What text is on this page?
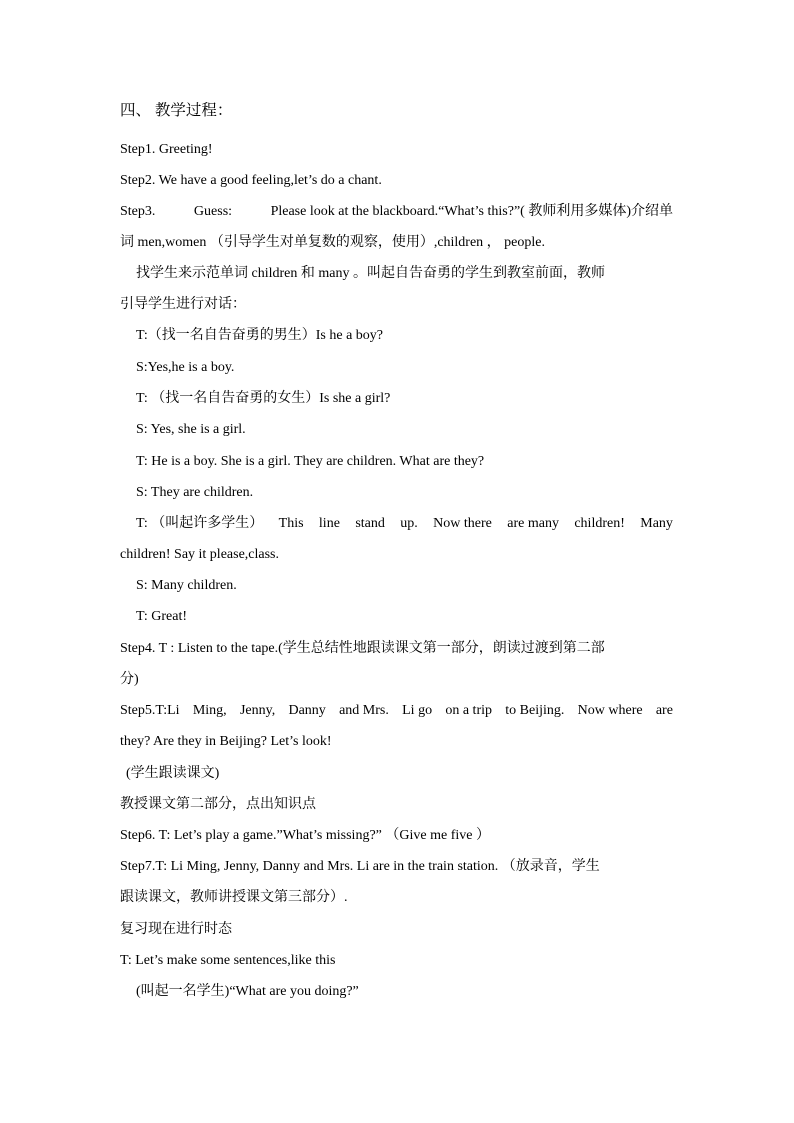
四、 教学过程：
Step1. Greeting!
Step2. We have a good feeling,let’s do a chant.
Step3.	Guess:	Please look at the blackboard.“What’s this?”( 教师利用多媒体)介绍单
词 men,women （引导学生对单复数的观察，使用）,children ， people.
找学生来示范单词 children 和 many 。叫起自告奋勇的学生到教室前面，教师
引导学生进行对话：
T:（找一名自告奋勇的男生）Is he a boy?
S:Yes,he is a boy.
T: （找一名自告奋勇的女生）Is she a girl?
S: Yes, she is a girl.
T: He is a boy. She is a girl. They are children. What are they?
S: They are children.
T: （叫起许多学生） This line stand up. Now there are many children! Many
children! Say it please,class.
S: Many children.
T: Great!
Step4. T : Listen to the tape.(学生总结性地跟读课文第一部分，朗读过渡到第二部
分)
Step5.T:Li Ming, Jenny, Danny and Mrs. Li go on a trip to Beijing. Now where are
they? Are they in Beijing? Let’s look!
(学生跟读课文)
教授课文第二部分，点出知识点
Step6. T: Let’s play a game.”What’s missing?” （Give me five ）
Step7.T: Li Ming, Jenny, Danny and Mrs. Li are in the train station. （放录音，学生
跟读课文，教师讲授课文第三部分）.
复习现在进行时态
T: Let’s make some sentences,like this
(叫起一名学生)“What are you doing?”
